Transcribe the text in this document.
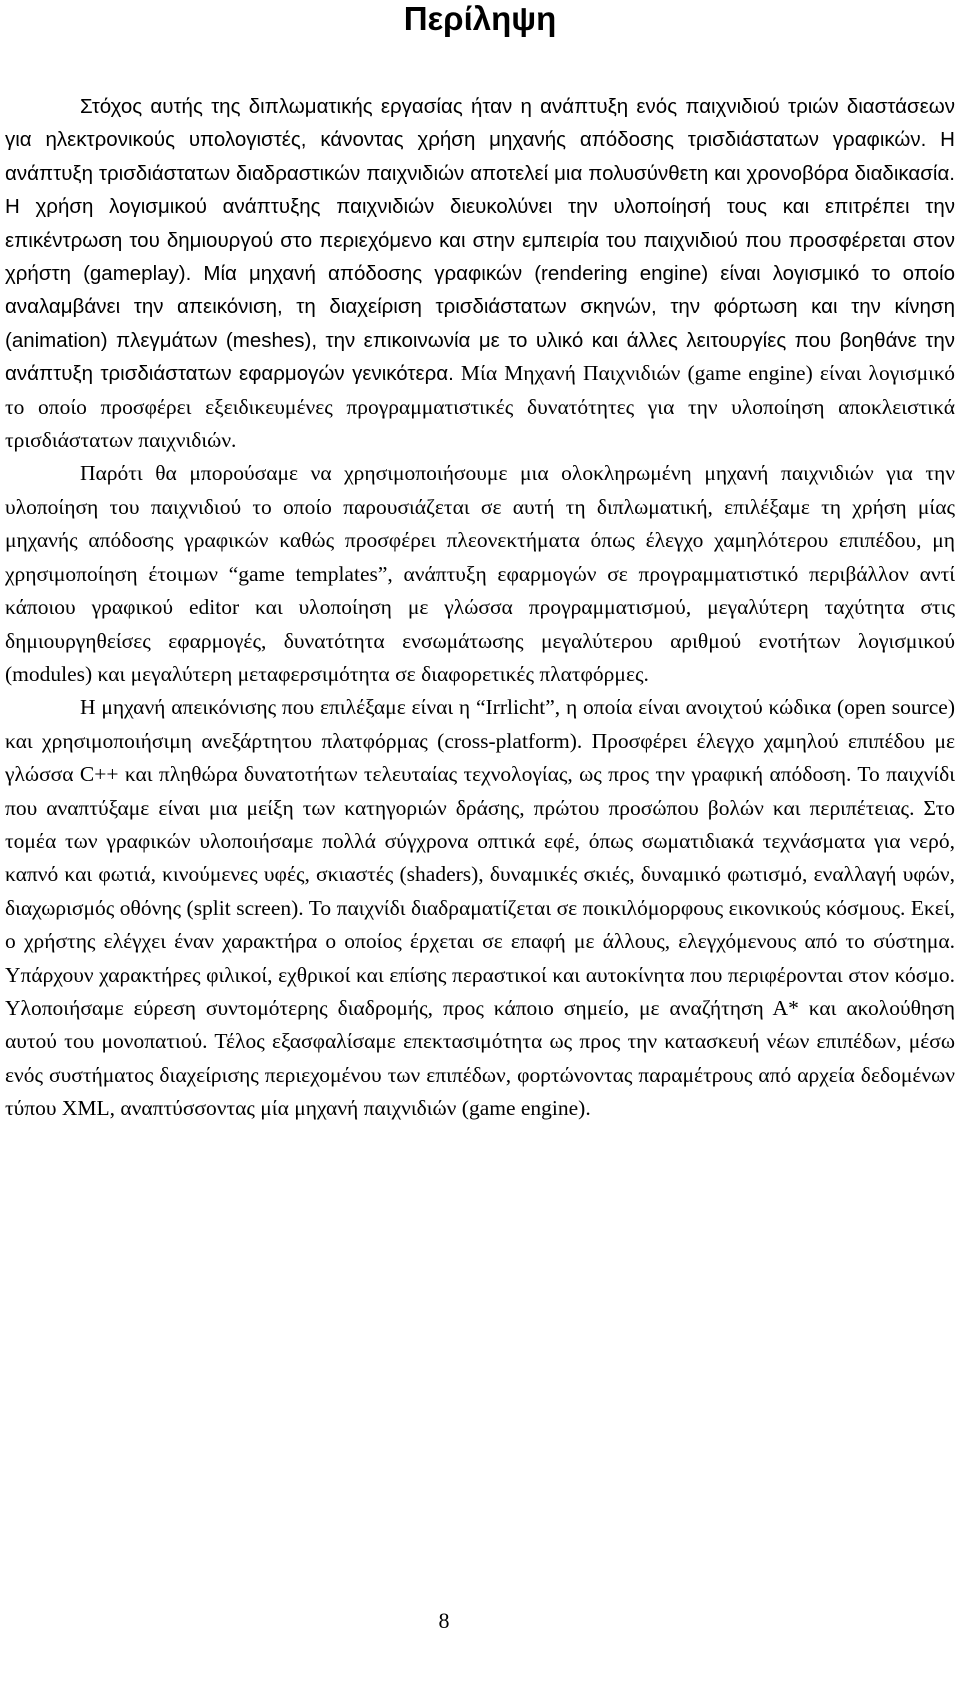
Περίληψη

Στόχος αυτής της διπλωματικής εργασίας ήταν η ανάπτυξη ενός παιχνιδιού τριών διαστάσεων για ηλεκτρονικούς υπολογιστές, κάνοντας χρήση μηχανής απόδοσης τρισδιάστατων γραφικών. Η ανάπτυξη τρισδιάστατων διαδραστικών παιχνιδιών αποτελεί μια πολυσύνθετη και χρονοβόρα διαδικασία. Η χρήση λογισμικού ανάπτυξης παιχνιδιών διευκολύνει την υλοποίησή τους και επιτρέπει την επικέντρωση του δημιουργού στο περιεχόμενο και στην εμπειρία του παιχνιδιού που προσφέρεται στον χρήστη (gameplay). Μία μηχανή απόδοσης γραφικών (rendering engine) είναι λογισμικό το οποίο αναλαμβάνει την απεικόνιση, τη διαχείριση τρισδιάστατων σκηνών, την φόρτωση και την κίνηση (animation) πλεγμάτων (meshes), την επικοινωνία με το υλικό και άλλες λειτουργίες που βοηθάνε την ανάπτυξη τρισδιάστατων εφαρμογών γενικότερα. Μία Μηχανή Παιχνιδιών (game engine) είναι λογισμικό το οποίο προσφέρει εξειδικευμένες προγραμματιστικές δυνατότητες για την υλοποίηση αποκλειστικά τρισδιάστατων παιχνιδιών.

Παρότι θα μπορούσαμε να χρησιμοποιήσουμε μια ολοκληρωμένη μηχανή παιχνιδιών για την υλοποίηση του παιχνιδιού το οποίο παρουσιάζεται σε αυτή τη διπλωματική, επιλέξαμε τη χρήση μίας μηχανής απόδοσης γραφικών καθώς προσφέρει πλεονεκτήματα όπως έλεγχο χαμηλότερου επιπέδου, μη χρησιμοποίηση έτοιμων “game templates”, ανάπτυξη εφαρμογών σε προγραμματιστικό περιβάλλον αντί κάποιου γραφικού editor και υλοποίηση με γλώσσα προγραμματισμού, μεγαλύτερη ταχύτητα στις δημιουργηθείσες εφαρμογές, δυνατότητα ενσωμάτωσης μεγαλύτερου αριθμού ενοτήτων λογισμικού (modules) και μεγαλύτερη μεταφερσιμότητα σε διαφορετικές πλατφόρμες.

Η μηχανή απεικόνισης που επιλέξαμε είναι η “Irrlicht”, η οποία είναι ανοιχτού κώδικα (open source) και χρησιμοποιήσιμη ανεξάρτητου πλατφόρμας (cross-platform). Προσφέρει έλεγχο χαμηλού επιπέδου με γλώσσα C++ και πληθώρα δυνατοτήτων τελευταίας τεχνολογίας, ως προς την γραφική απόδοση. Το παιχνίδι που αναπτύξαμε είναι μια μείξη των κατηγοριών δράσης, πρώτου προσώπου βολών και περιπέτειας. Στο τομέα των γραφικών υλοποιήσαμε πολλά σύγχρονα οπτικά εφέ, όπως σωματιδιακά τεχνάσματα για νερό, καπνό και φωτιά, κινούμενες υφές, σκιαστές (shaders), δυναμικές σκιές, δυναμικό φωτισμό, εναλλαγή υφών, διαχωρισμός οθόνης (split screen). Το παιχνίδι διαδραματίζεται σε ποικιλόμορφους εικονικούς κόσμους. Εκεί, ο χρήστης ελέγχει έναν χαρακτήρα ο οποίος έρχεται σε επαφή με άλλους, ελεγχόμενους από το σύστημα. Υπάρχουν χαρακτήρες φιλικοί, εχθρικοί και επίσης περαστικοί και αυτοκίνητα που περιφέρονται στον κόσμο. Υλοποιήσαμε εύρεση συντομότερης διαδρομής, προς κάποιο σημείο, με αναζήτηση Α* και ακολούθηση αυτού του μονοπατιού. Τέλος εξασφαλίσαμε επεκτασιμότητα ως προς την κατασκευή νέων επιπέδων, μέσω ενός συστήματος διαχείρισης περιεχομένου των επιπέδων, φορτώνοντας παραμέτρους από αρχεία δεδομένων τύπου XML, αναπτύσσοντας μία μηχανή παιχνιδιών (game engine).

8
